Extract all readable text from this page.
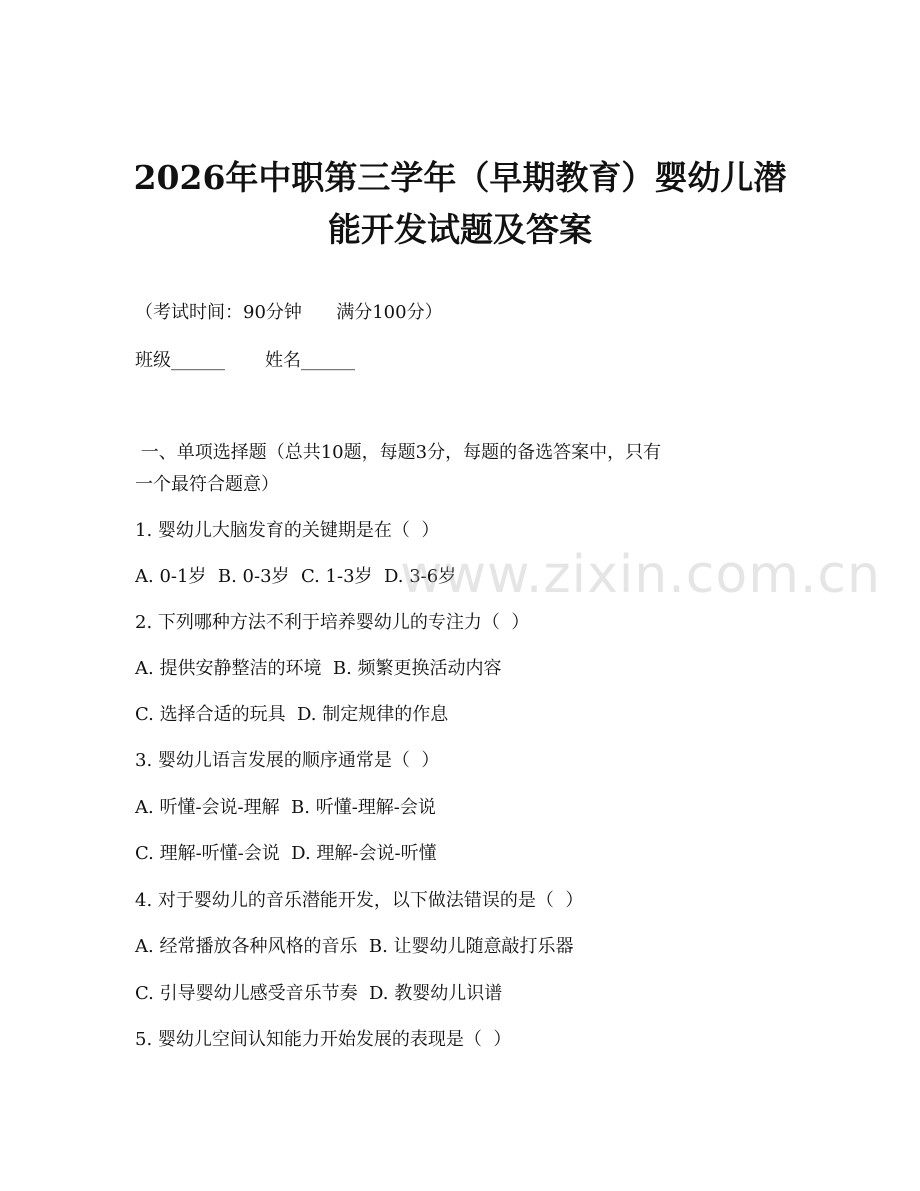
2026年中职第三学年（早期教育）婴幼儿潜
能开发试题及答案
（考试时间：90分钟      满分100分）
班级______       姓名______
一、单项选择题（总共10题，每题3分，每题的备选答案中，只有
一个最符合题意）
1. 婴幼儿大脑发育的关键期是在（  ）
A. 0-1岁  B. 0-3岁  C. 1-3岁  D. 3-6岁
2. 下列哪种方法不利于培养婴幼儿的专注力（  ）
A. 提供安静整洁的环境  B. 频繁更换活动内容
C. 选择合适的玩具  D. 制定规律的作息
3. 婴幼儿语言发展的顺序通常是（  ）
A. 听懂-会说-理解  B. 听懂-理解-会说
C. 理解-听懂-会说  D. 理解-会说-听懂
4. 对于婴幼儿的音乐潜能开发，以下做法错误的是（  ）
A. 经常播放各种风格的音乐  B. 让婴幼儿随意敲打乐器
C. 引导婴幼儿感受音乐节奏  D. 教婴幼儿识谱
5. 婴幼儿空间认知能力开始发展的表现是（  ）
www.zixin.com.cn
